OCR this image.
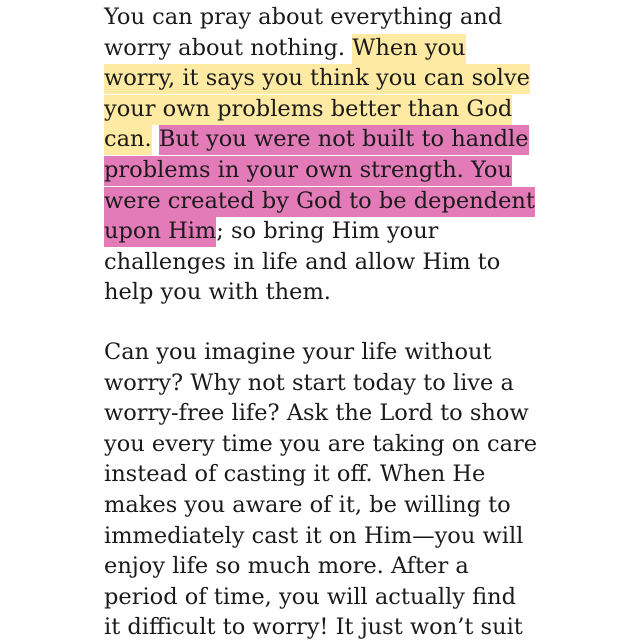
You can pray about everything and
worry about nothing. When you
worry, it says you think you can solve
your own problems better than God
can. But you were not built to handle
problems in your own strength. You
were created by God to be dependent
upon Him; so bring Him your
challenges in life and allow Him to
help you with them.

Can you imagine your life without
worry? Why not start today to live a
worry-free life? Ask the Lord to show
you every time you are taking on care
instead of casting it off. When He
makes you aware of it, be willing to
immediately cast it on Him—you will
enjoy life so much more. After a
period of time, you will actually find
it difficult to worry! It just won’t suit
